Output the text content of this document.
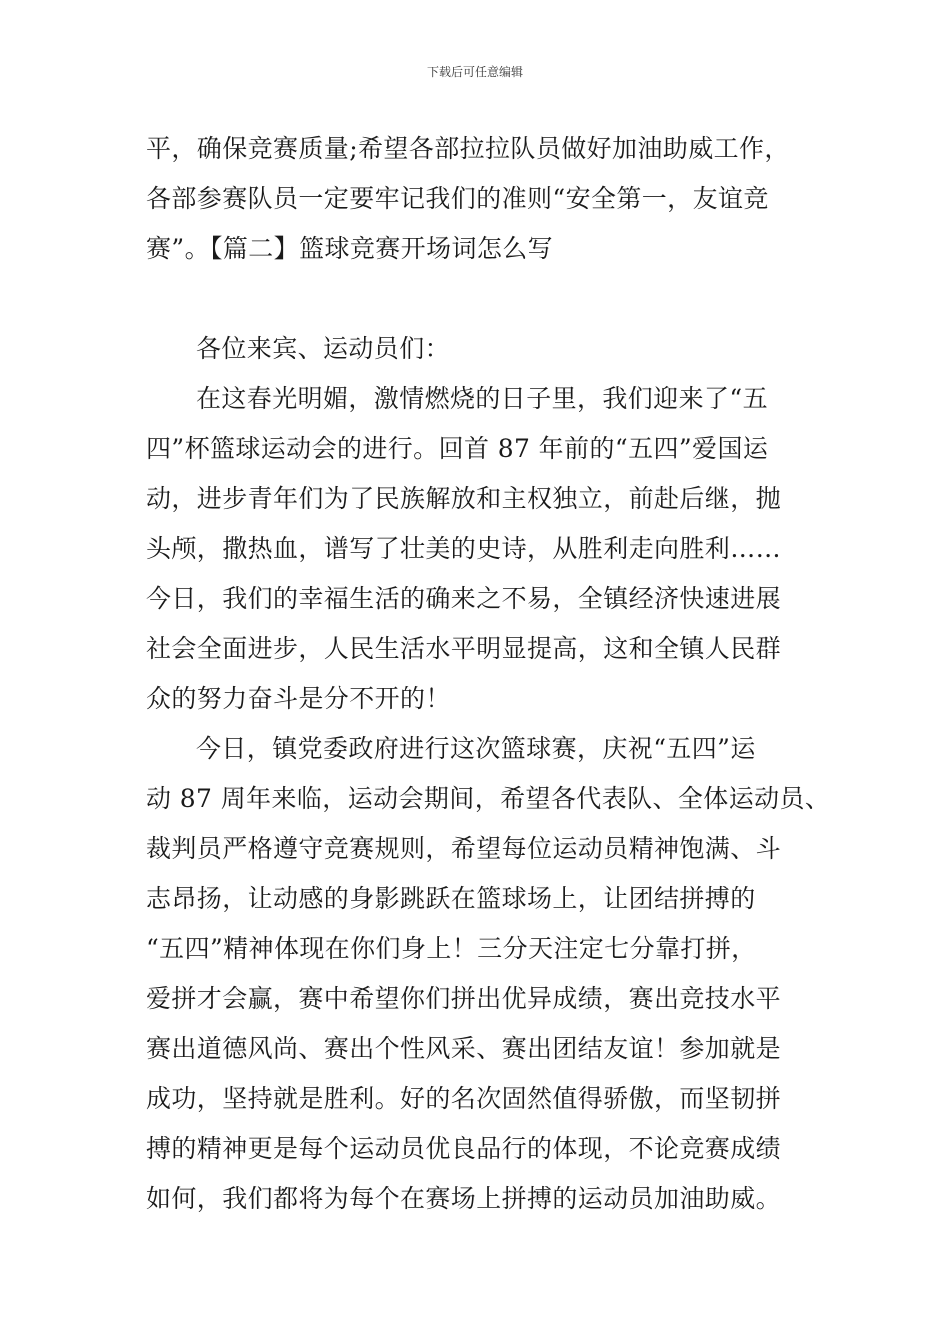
下载后可任意编辑
平，确保竞赛质量;希望各部拉拉队员做好加油助威工作，
各部参赛队员一定要牢记我们的准则“安全第一，友谊竞
赛”。【篇二】篮球竞赛开场词怎么写
各位来宾、运动员们：
在这春光明媚，激情燃烧的日子里，我们迎来了“五
四”杯篮球运动会的进行。回首 87 年前的“五四”爱国运
动，进步青年们为了民族解放和主权独立，前赴后继，抛
头颅，撒热血，谱写了壮美的史诗，从胜利走向胜利……
今日，我们的幸福生活的确来之不易，全镇经济快速进展
社会全面进步，人民生活水平明显提高，这和全镇人民群
众的努力奋斗是分不开的！
今日，镇党委政府进行这次篮球赛，庆祝“五四”运
动 87 周年来临，运动会期间，希望各代表队、全体运动员、
裁判员严格遵守竞赛规则，希望每位运动员精神饱满、斗
志昂扬，让动感的身影跳跃在篮球场上，让团结拼搏的
“五四”精神体现在你们身上！三分天注定七分靠打拼，
爱拼才会赢，赛中希望你们拼出优异成绩，赛出竞技水平
赛出道德风尚、赛出个性风采、赛出团结友谊！参加就是
成功，坚持就是胜利。好的名次固然值得骄傲，而坚韧拼
搏的精神更是每个运动员优良品行的体现，不论竞赛成绩
如何，我们都将为每个在赛场上拼搏的运动员加油助威。
